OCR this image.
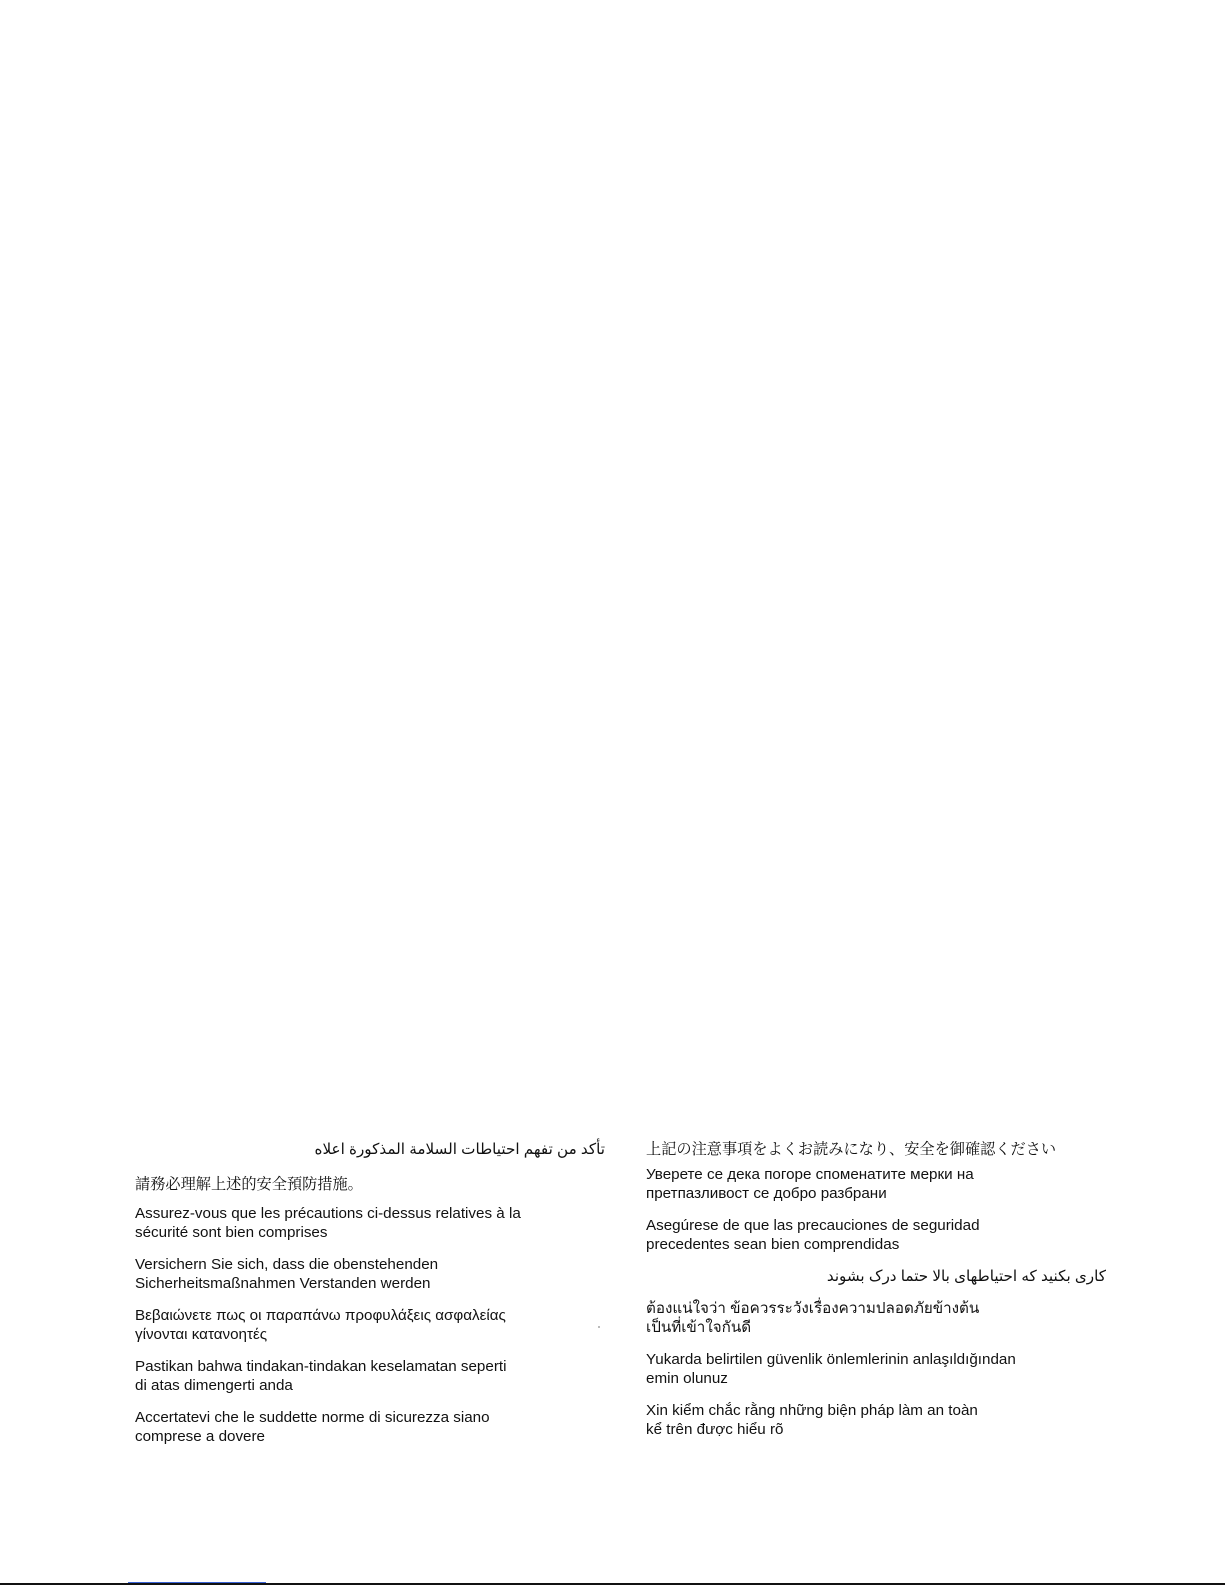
تأكد من تفهم احتياطات السلامة المذكورة اعلاه

請務必理解上述的安全預防措施。

Assurez-vous que les précautions ci-dessus relatives à la
sécurité sont bien comprises

Versichern Sie sich, dass die obenstehenden
Sicherheitsmaßnahmen Verstanden werden

Βεβαιώνετε πως οι παραπάνω προφυλάξεις ασφαλείας
γίνονται κατανοητές

Pastikan bahwa tindakan-tindakan keselamatan seperti
di atas dimengerti anda

Accertatevi che le suddette norme di sicurezza siano
comprese a dovere

上記の注意事項をよくお読みになり、安全を御確認ください

Уверете се дека погоре споменатите мерки на
претпазливост се добро разбрани

Asegúrese de que las precauciones de seguridad
precedentes sean bien comprendidas

کاری بکنید که احتیاطهای بالا حتما درک بشوند

ต้องแน่ใจว่า ข้อควรระวังเรื่องความปลอดภัยข้างต้น
เป็นที่เข้าใจกันดี

Yukarda belirtilen güvenlik önlemlerinin anlaşıldığından
emin olunuz

Xin kiểm chắc rằng những biện pháp làm an toàn
kể trên được hiểu rõ
